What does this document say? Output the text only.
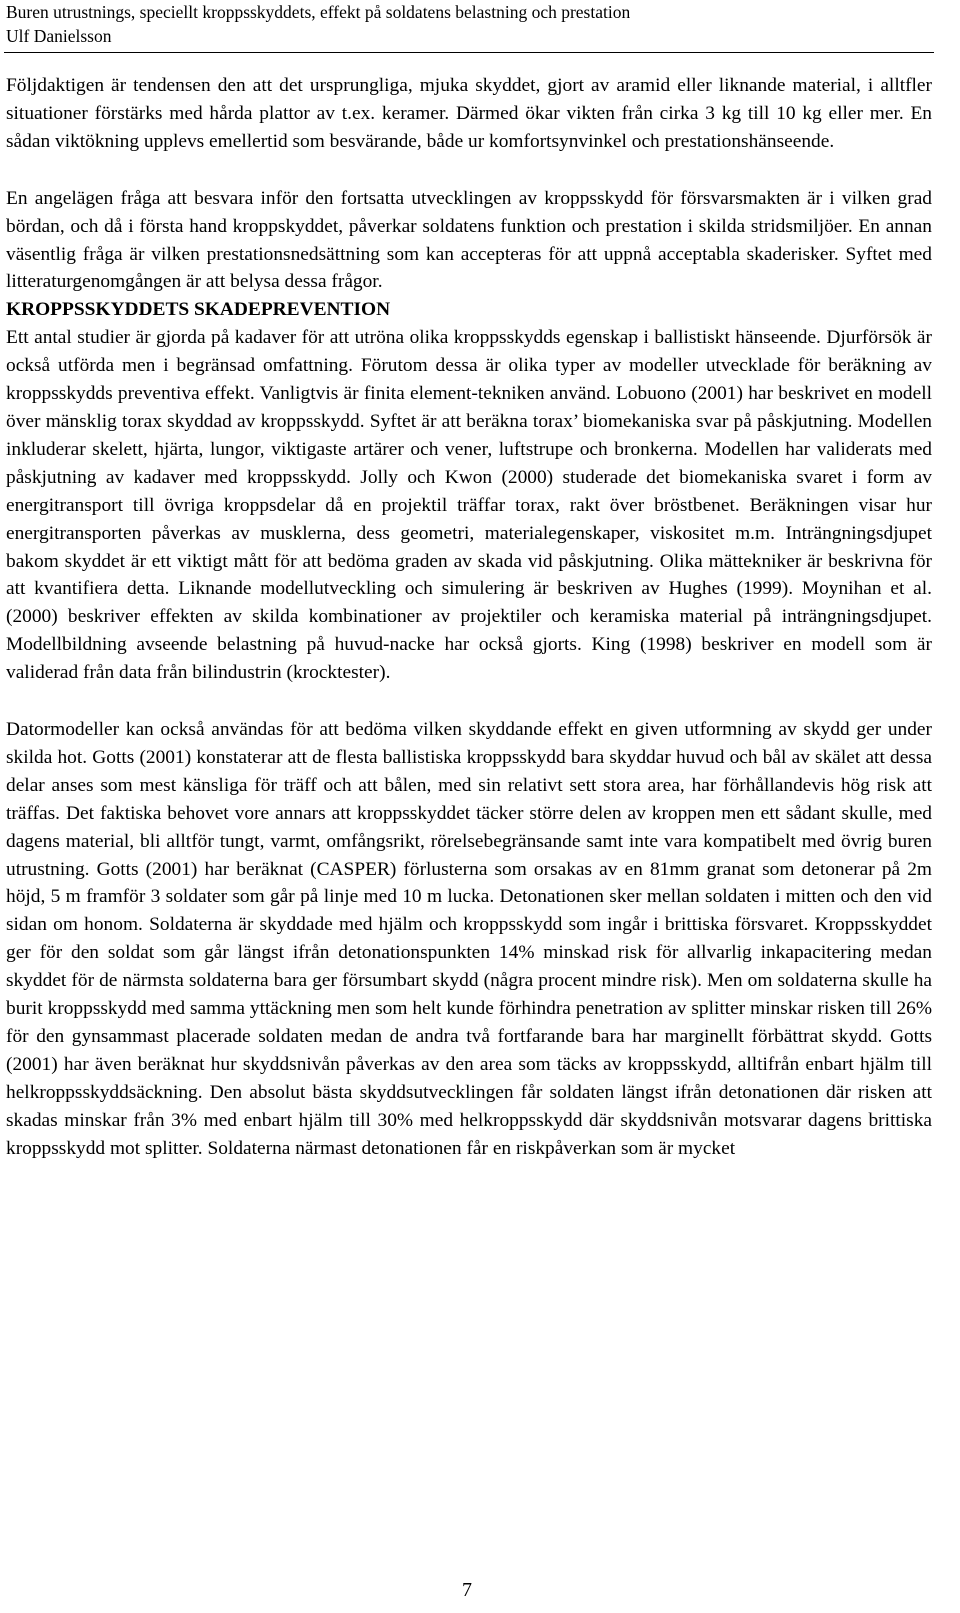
Buren utrustnings, speciellt kroppsskyddets, effekt på soldatens belastning och prestation
Ulf Danielsson

Följdaktigen är tendensen den att det ursprungliga, mjuka skyddet, gjort av aramid eller liknande material, i alltfler situationer förstärks med hårda plattor av t.ex. keramer. Därmed ökar vikten från cirka 3 kg till 10 kg eller mer. En sådan viktökning upplevs emellertid som besvärande, både ur komfortsynvinkel och prestationshänseende.

En angelägen fråga att besvara inför den fortsatta utvecklingen av kroppsskydd för försvarsmakten är i vilken grad bördan, och då i första hand kroppskyddet, påverkar soldatens funktion och prestation i skilda stridsmiljöer. En annan väsentlig fråga är vilken prestationsnedsättning som kan accepteras för att uppnå acceptabla skaderisker. Syftet med litteraturgenomgången är att belysa dessa frågor.

KROPPSSKYDDETS SKADEPREVENTION

Ett antal studier är gjorda på kadaver för att utröna olika kroppsskydds egenskap i ballistiskt hänseende. Djurförsök är också utförda men i begränsad omfattning. Förutom dessa är olika typer av modeller utvecklade för beräkning av kroppsskydds preventiva effekt. Vanligtvis är finita element-tekniken använd. Lobuono (2001) har beskrivet en modell över mänsklig torax skyddad av kroppsskydd. Syftet är att beräkna torax’ biomekaniska svar på påskjutning. Modellen inkluderar skelett, hjärta, lungor, viktigaste artärer och vener, luftstrupe och bronkerna. Modellen har validerats med påskjutning av kadaver med kroppsskydd. Jolly och Kwon (2000) studerade det biomekaniska svaret i form av energitransport till övriga kroppsdelar då en projektil träffar torax, rakt över bröstbenet. Beräkningen visar hur energitransporten påverkas av musklerna, dess geometri, materialegenskaper, viskositet m.m. Inträngningsdjupet bakom skyddet är ett viktigt mått för att bedöma graden av skada vid påskjutning. Olika mättekniker är beskrivna för att kvantifiera detta. Liknande modellutveckling och simulering är beskriven av Hughes (1999). Moynihan et al. (2000) beskriver effekten av skilda kombinationer av projektiler och keramiska material på inträngningsdjupet. Modellbildning avseende belastning på huvud-nacke har också gjorts. King (1998) beskriver en modell som är validerad från data från bilindustrin (krocktester).

Datormodeller kan också användas för att bedöma vilken skyddande effekt en given utformning av skydd ger under skilda hot. Gotts (2001) konstaterar att de flesta ballistiska kroppsskydd bara skyddar huvud och bål av skälet att dessa delar anses som mest känsliga för träff och att bålen, med sin relativt sett stora area, har förhållandevis hög risk att träffas. Det faktiska behovet vore annars att kroppsskyddet täcker större delen av kroppen men ett sådant skulle, med dagens material, bli alltför tungt, varmt, omfångsrikt, rörelsebegränsande samt inte vara kompatibelt med övrig buren utrustning. Gotts (2001) har beräknat (CASPER) förlusterna som orsakas av en 81mm granat som detonerar på 2m höjd, 5 m framför 3 soldater som går på linje med 10 m lucka. Detonationen sker mellan soldaten i mitten och den vid sidan om honom. Soldaterna är skyddade med hjälm och kroppsskydd som ingår i brittiska försvaret. Kroppsskyddet ger för den soldat som går längst ifrån detonationspunkten 14% minskad risk för allvarlig inkapacitering medan skyddet för de närmsta soldaterna bara ger försumbart skydd (några procent mindre risk). Men om soldaterna skulle ha burit kroppsskydd med samma yttäckning men som helt kunde förhindra penetration av splitter minskar risken till 26% för den gynsammast placerade soldaten medan de andra två fortfarande bara har marginellt förbättrat skydd. Gotts (2001) har även beräknat hur skyddsnivån påverkas av den area som täcks av kroppsskydd, alltifrån enbart hjälm till helkroppsskyddsäckning. Den absolut bästa skyddsutvecklingen får soldaten längst ifrån detonationen där risken att skadas minskar från 3% med enbart hjälm till 30% med helkroppsskydd där skyddsnivån motsvarar dagens brittiska kroppsskydd mot splitter. Soldaterna närmast detonationen får en riskpåverkan som är mycket

7
